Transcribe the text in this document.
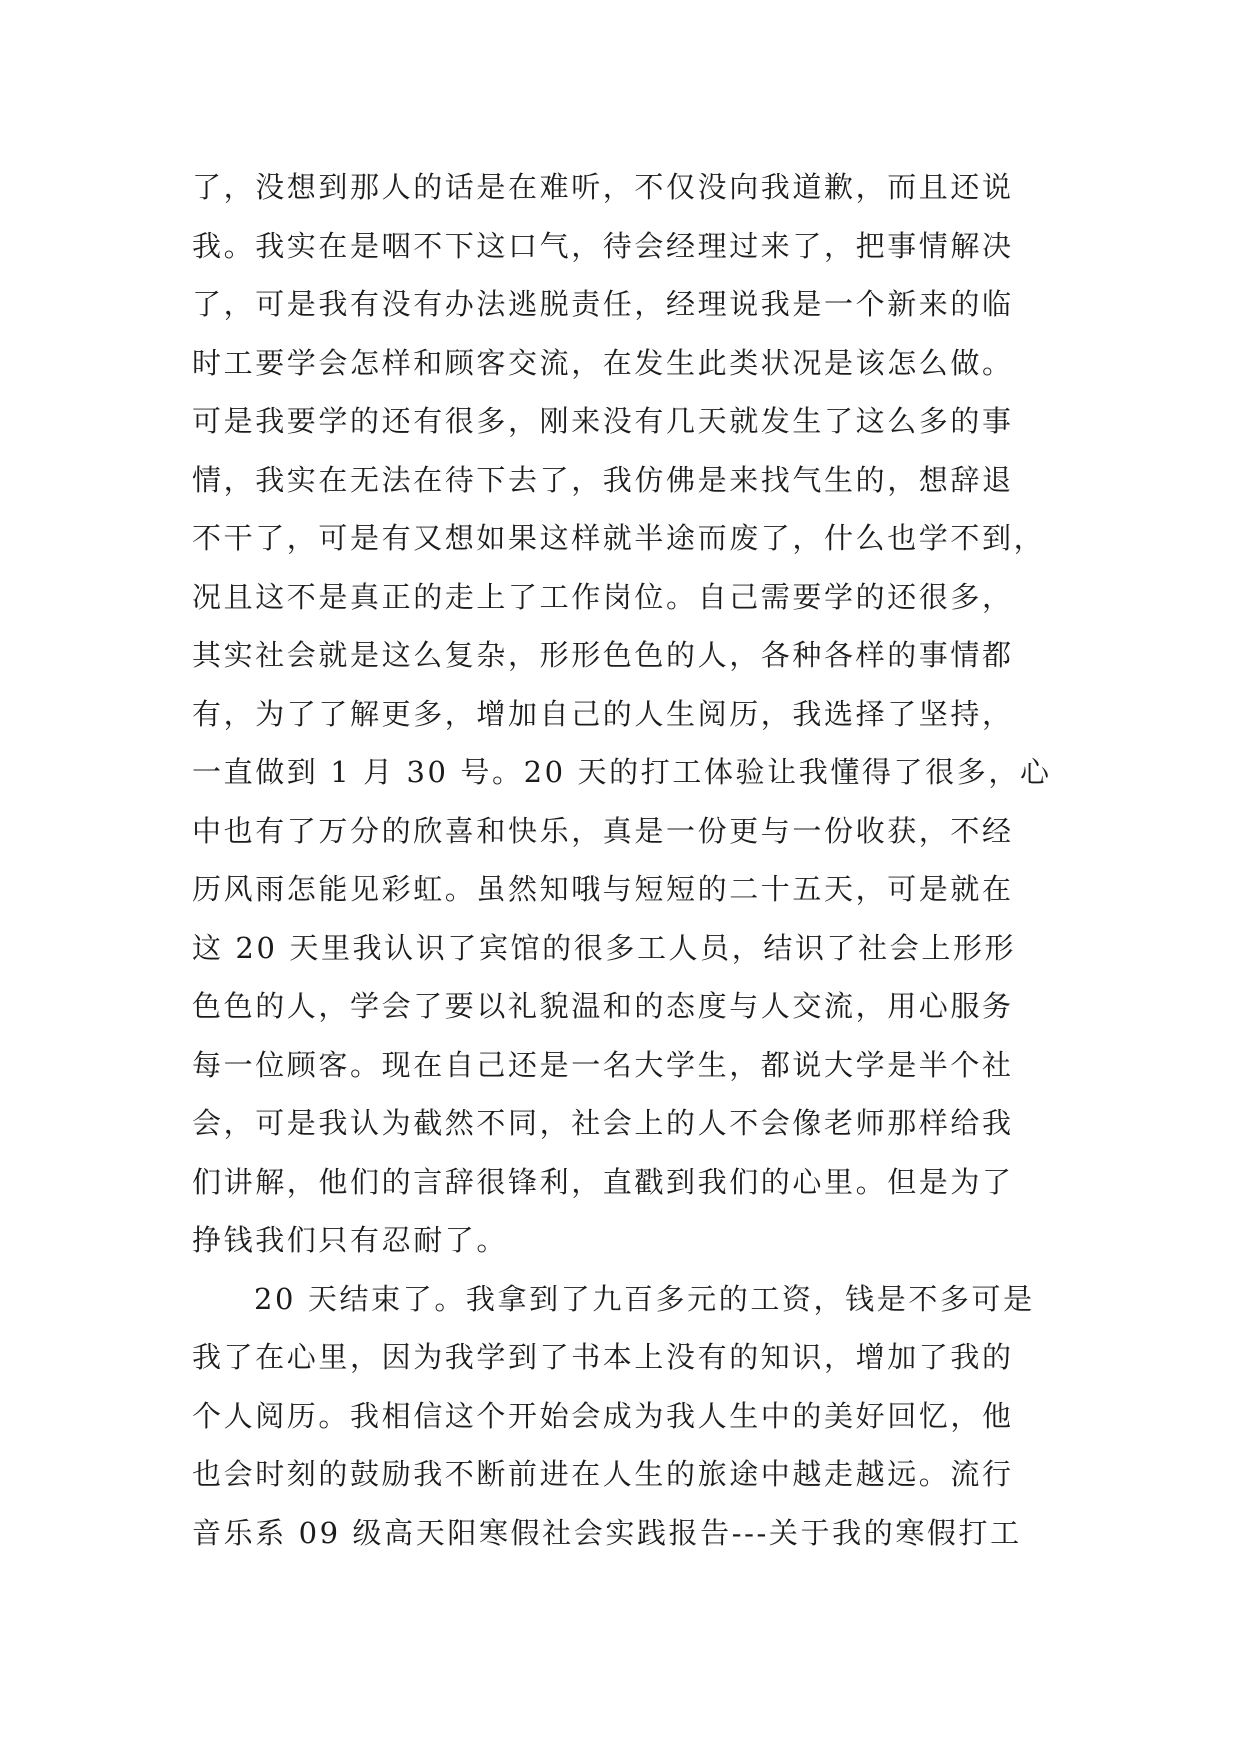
了，没想到那人的话是在难听，不仅没向我道歉，而且还说
我。我实在是咽不下这口气，待会经理过来了，把事情解决
了，可是我有没有办法逃脱责任，经理说我是一个新来的临
时工要学会怎样和顾客交流，在发生此类状况是该怎么做。
可是我要学的还有很多，刚来没有几天就发生了这么多的事
情，我实在无法在待下去了，我仿佛是来找气生的，想辞退
不干了，可是有又想如果这样就半途而废了，什么也学不到，
况且这不是真正的走上了工作岗位。自己需要学的还很多，
其实社会就是这么复杂，形形色色的人，各种各样的事情都
有，为了了解更多，增加自己的人生阅历，我选择了坚持，
一直做到 1 月 30 号。20 天的打工体验让我懂得了很多，心
中也有了万分的欣喜和快乐，真是一份更与一份收获，不经
历风雨怎能见彩虹。虽然知哦与短短的二十五天，可是就在
这 20 天里我认识了宾馆的很多工人员，结识了社会上形形
色色的人，学会了要以礼貌温和的态度与人交流，用心服务
每一位顾客。现在自己还是一名大学生，都说大学是半个社
会，可是我认为截然不同，社会上的人不会像老师那样给我
们讲解，他们的言辞很锋利，直戳到我们的心里。但是为了
挣钱我们只有忍耐了。
20 天结束了。我拿到了九百多元的工资，钱是不多可是
我了在心里，因为我学到了书本上没有的知识，增加了我的
个人阅历。我相信这个开始会成为我人生中的美好回忆，他
也会时刻的鼓励我不断前进在人生的旅途中越走越远。流行
音乐系 09 级高天阳寒假社会实践报告---关于我的寒假打工
